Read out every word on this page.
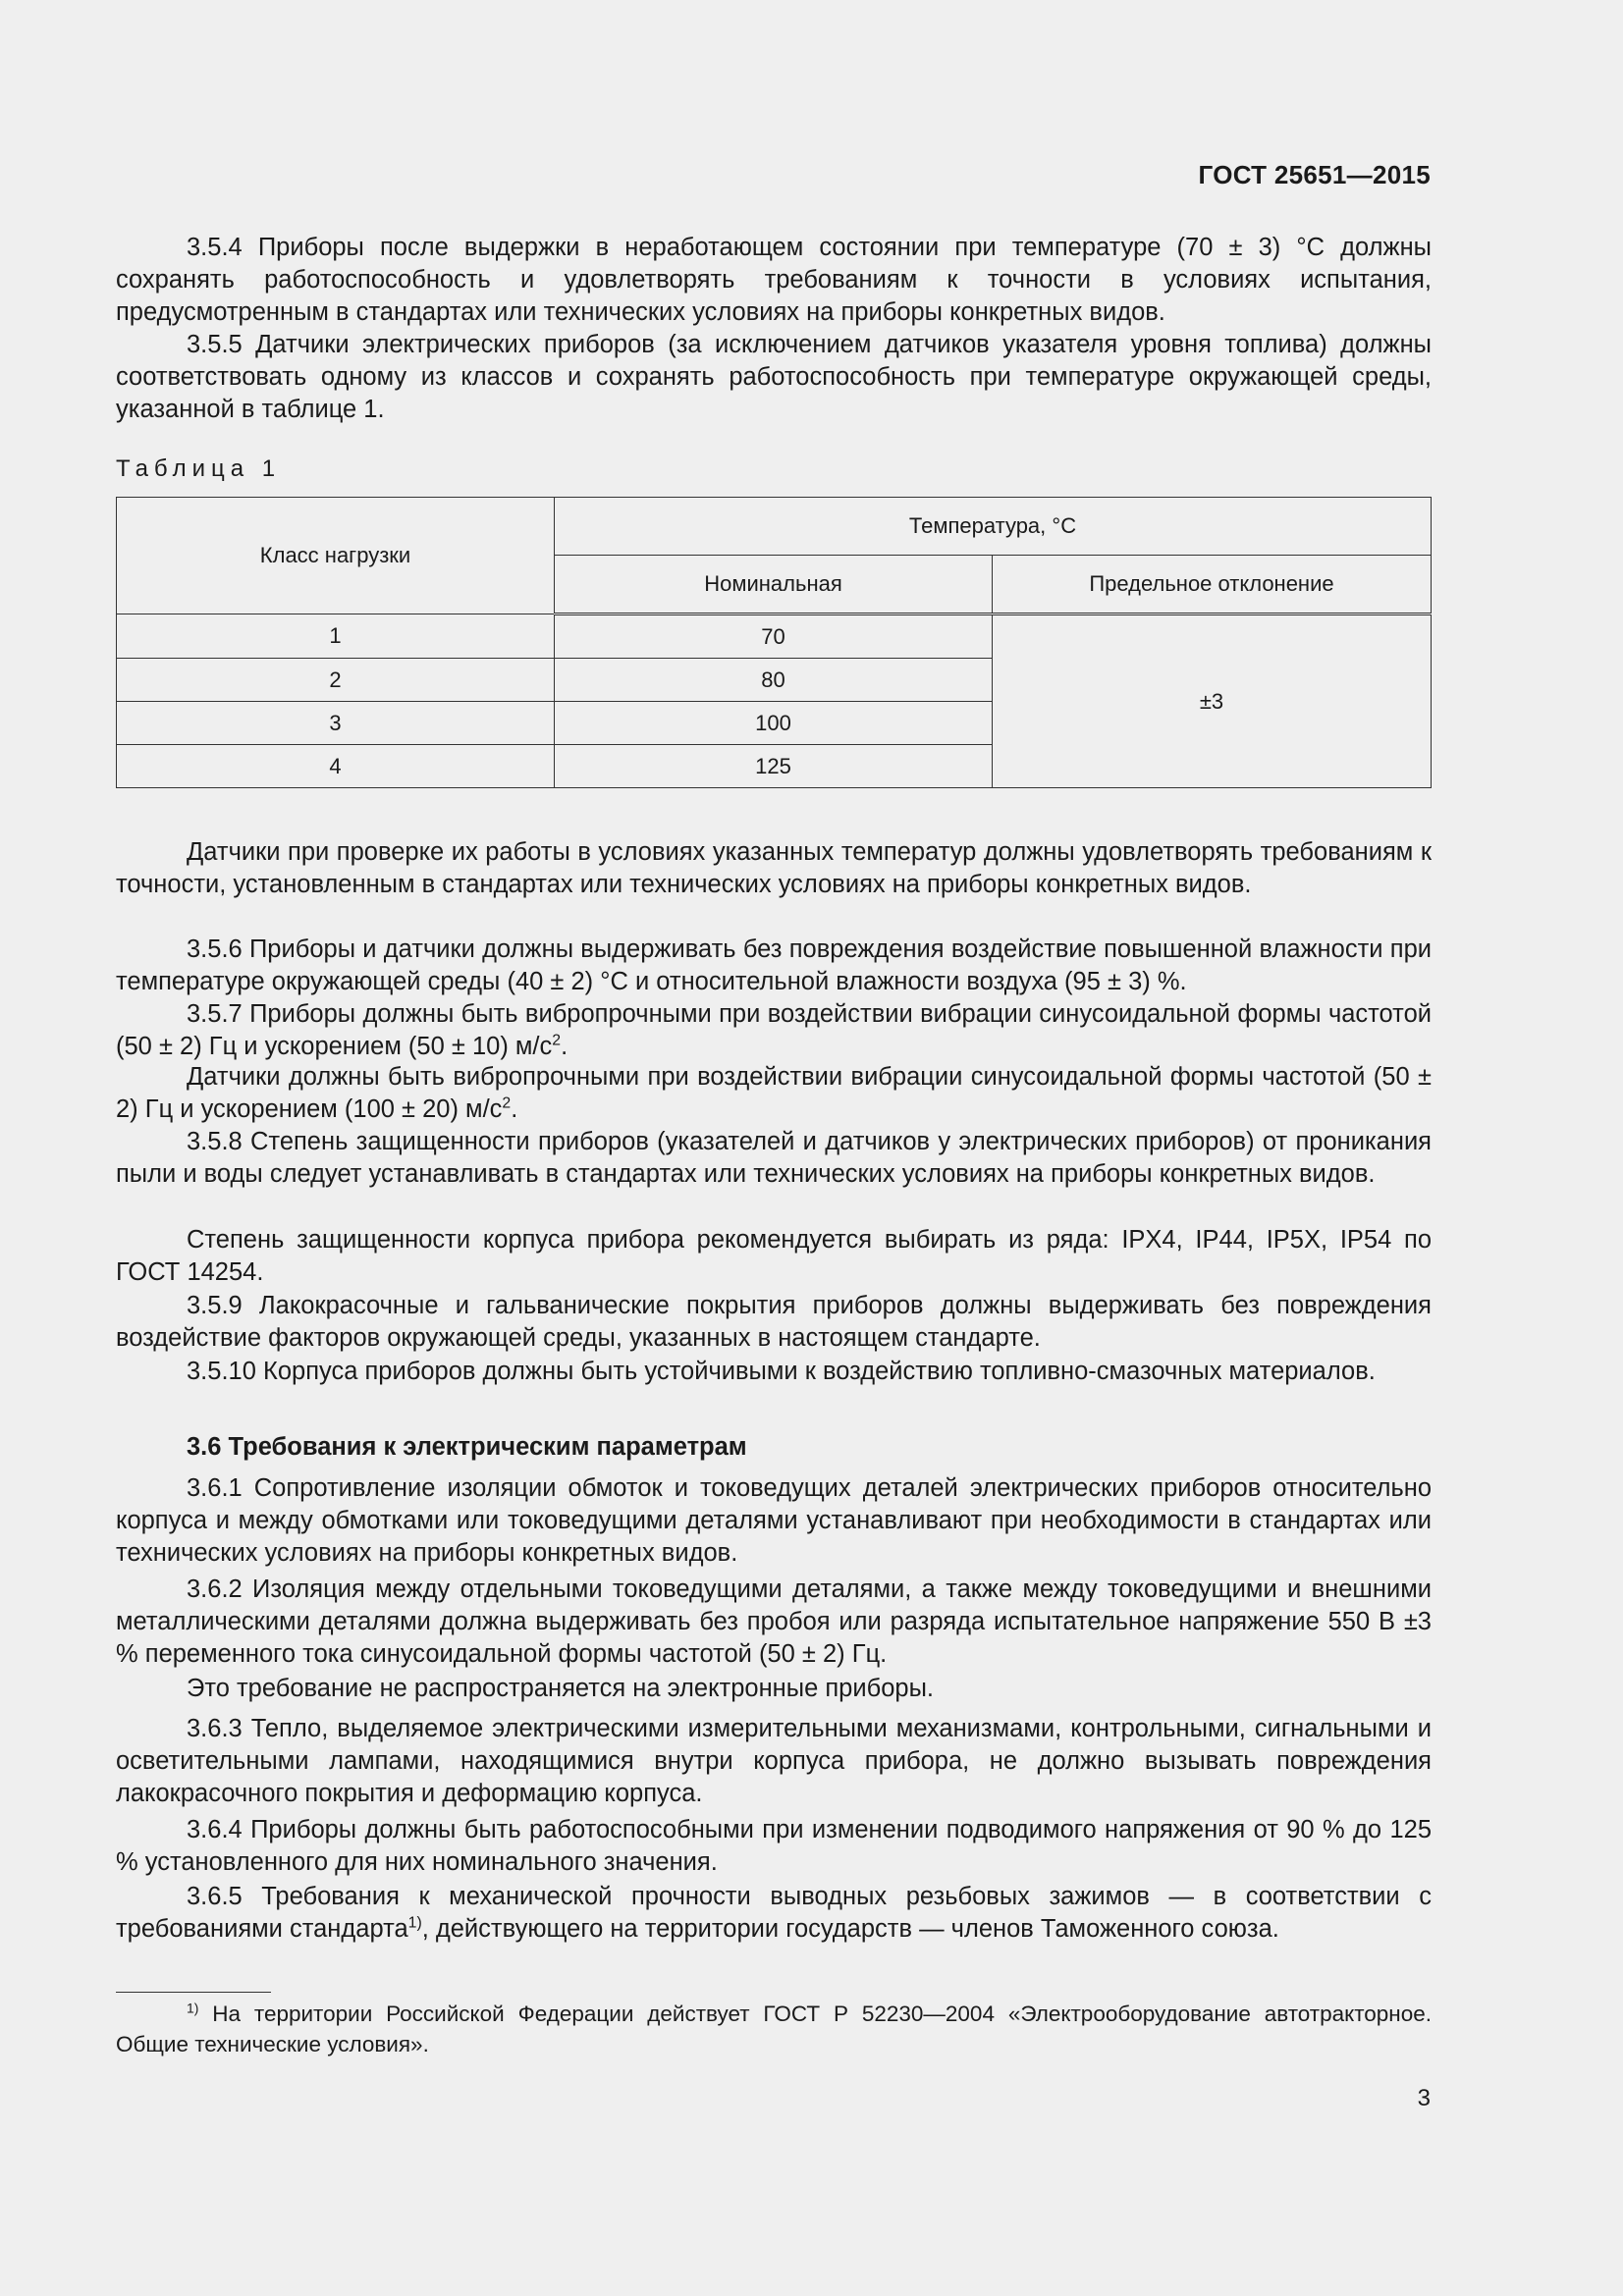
ГОСТ 25651—2015
3.5.4 Приборы после выдержки в неработающем состоянии при температуре (70 ± 3) °C должны сохранять работоспособность и удовлетворять требованиям к точности в условиях испытания, предусмотренным в стандартах или технических условиях на приборы конкретных видов.
3.5.5 Датчики электрических приборов (за исключением датчиков указателя уровня топлива) должны соответствовать одному из классов и сохранять работоспособность при температуре окружающей среды, указанной в таблице 1.
Таблица 1
Класс нагрузки	Температура, °C	
	Номинальная	Предельное отклонение
1	70	±3
2	80	
3	100	
4	125	
Датчики при проверке их работы в условиях указанных температур должны удовлетворять требованиям к точности, установленным в стандартах или технических условиях на приборы конкретных видов.
3.5.6 Приборы и датчики должны выдерживать без повреждения воздействие повышенной влажности при температуре окружающей среды (40 ± 2) °C и относительной влажности воздуха (95 ± 3) %.
3.5.7 Приборы должны быть вибропрочными при воздействии вибрации синусоидальной формы частотой (50 ± 2) Гц и ускорением (50 ± 10) $м/с^2$.
Датчики должны быть вибропрочными при воздействии вибрации синусоидальной формы частотой (50 ± 2) Гц и ускорением (100 ± 20) $м/с^2$.
3.5.8 Степень защищенности приборов (указателей и датчиков у электрических приборов) от проникания пыли и воды следует устанавливать в стандартах или технических условиях на приборы конкретных видов.
Степень защищенности корпуса прибора рекомендуется выбирать из ряда: IPX4, IP44, IP5X, IP54 по ГОСТ 14254.
3.5.9 Лакокрасочные и гальванические покрытия приборов должны выдерживать без повреждения воздействие факторов окружающей среды, указанных в настоящем стандарте.
3.5.10 Корпуса приборов должны быть устойчивыми к воздействию топливно-смазочных материалов.
3.6 Требования к электрическим параметрам
3.6.1 Сопротивление изоляции обмоток и токоведущих деталей электрических приборов относительно корпуса и между обмотками или токоведущими деталями устанавливают при необходимости в стандартах или технических условиях на приборы конкретных видов.
3.6.2 Изоляция между отдельными токоведущими деталями, а также между токоведущими и внешними металлическими деталями должна выдерживать без пробоя или разряда испытательное напряжение 550 В ±3 % переменного тока синусоидальной формы частотой (50 ± 2) Гц.
Это требование не распространяется на электронные приборы.
3.6.3 Тепло, выделяемое электрическими измерительными механизмами, контрольными, сигнальными и осветительными лампами, находящимися внутри корпуса прибора, не должно вызывать повреждения лакокрасочного покрытия и деформацию корпуса.
3.6.4 Приборы должны быть работоспособными при изменении подводимого напряжения от 90 % до 125 % установленного для них номинального значения.
3.6.5 Требования к механической прочности выводных резьбовых зажимов — в соответствии с требованиями стандарта$^{1)}$, действующего на территории государств — членов Таможенного союза.
$^{1)}$ На территории Российской Федерации действует ГОСТ Р 52230—2004 «Электрооборудование автотракторное. Общие технические условия».
3
